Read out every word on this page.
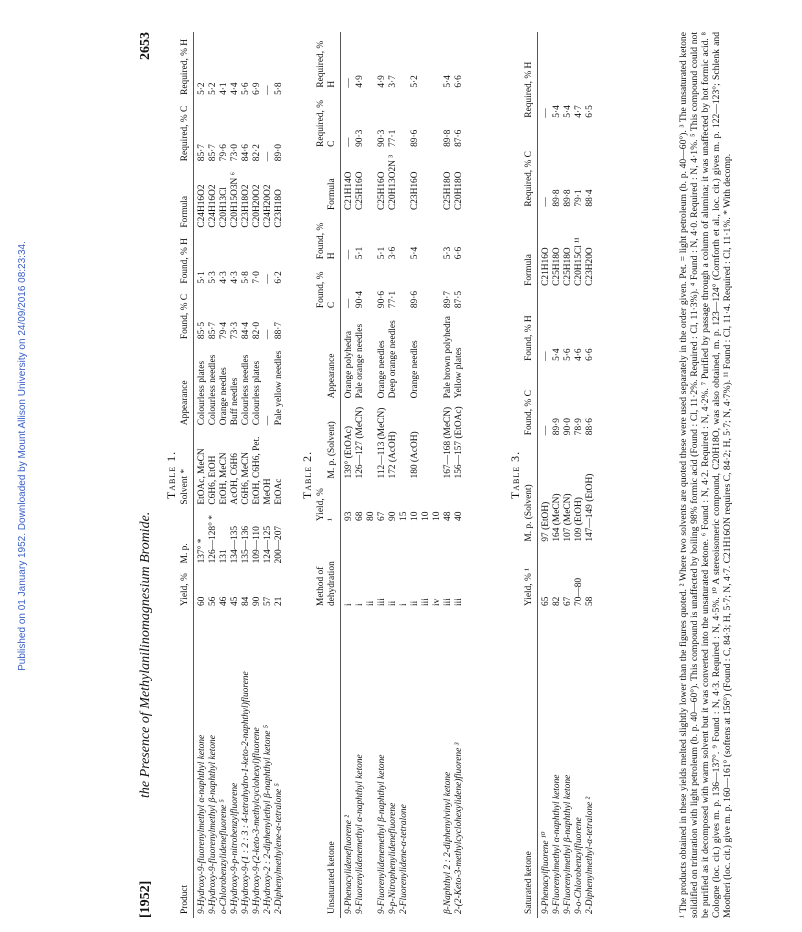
Published on 01 January 1952. Downloaded by Mount Allison University on 24/09/2016 08:23:34.
[1952]
the Presence of Methylanilinomagnesium Bromide.
2653
Table 1.
Product	Yield, %	M. p.	Solvent *	Appearance	Found, % C	Found, % H	Formula	Required, % C	Required, % H
9-Hydroxy-9-fluorenylmethyl α-naphthyl ketone	60	137° *	EtOAc, MeCN	Colourless plates	85·5	5·1	C24H16O2	85·7	5·2
9-Hydroxy-9-fluorenylmethyl β-naphthyl ketone	56	126—128° *	C6H6, EtOH	Colourless needles	85·7	5·3	C24H16O2	85·7	5·2
o-Chlorobenzylidenefluorene ⁵	46	131	EtOH, MeCN	Orange needles	79·4	4·3	C20H13Cl	79·6	4·1
9-Hydroxy-9-p-nitrobenzylfluorene	45	134—135	AcOH, C6H6	Buff needles	73·3	4·3	C20H15O3N ⁶	73·0	4·4
9-Hydroxy-9-(1 : 2 : 3 : 4-tetrahydro-1-keto-2-naphthyl)fluorene	84	135—136	C6H6, MeCN	Colourless needles	84·4	5·8	C23H18O2	84·6	5·6
9-Hydroxy-9-(2-keto-3-methylcyclohexyl)fluorene	90	109—110	EtOH, C6H6, Pet.	Colourless plates	82·0	7·0	C20H20O2	82·2	6·9
2-Hydroxy-2 : 2-diphenylethyl β-naphthyl ketone ⁵	57	124—125	MeOH	—	—	—	C24H20O2	—	—
2-Diphenylmethylene-α-tetralone ⁵	21	200—207	EtOAc	Pale yellow needles	88·7	6·2	C23H18O	89·0	5·8
Table 2.
Unsaturated ketone	Method of dehydration	Yield, % ¹	M. p. (Solvent)	Appearance	Found, % C	Found, % H	Formula	Required, % C	Required, % H
9-Phenacylidenefluorene ²	i	93	139° (EtOAc)	Orange polyhedra	—	—	C21H14O	—	—
9-Fluorenylidenemethyl α-naphthyl ketone	i	68	126—127 (MeCN)	Pale orange needles	90·4	5·1	C25H16O	90·3	4·9
	ii	80							
9-Fluorenylidenemethyl β-naphthyl ketone	iii	67	112—113 (MeCN)	Orange needles	90·6	5·1	C25H16O	90·3	4·9
9-p-Nitrophenylidenefluorene	ii	90	172 (AcOH)	Deep orange needles	77·1	3·6	C20H13O2N ³	77·1	3·7
2-Fluorenylidene-α-tetralone	i	15							
	ii	10	180 (AcOH)	Orange needles	89·6	5·4	C23H16O	89·6	5·2
	iii	10							
	iv	10							
β-Naphthyl 2 : 2-diphenylvinyl ketone	iii	48	167—168 (MeCN)	Pale brown polyhedra	89·7	5·3	C25H18O	89·8	5·4
2-(2-Keto-3-methylcyclohexylidene)fluorene ³	iii	40	156—157 (EtOAc)	Yellow plates	87·5	6·6	C20H18O	87·6	6·6
Table 3.
Saturated ketone	Yield, % ¹	M. p. (Solvent)	Found, % C	Found, % H	Formula	Required, % C	Required, % H
9-Phenacylfluorene ¹⁰	65	97 (EtOH)	—	—	C21H16O	—	—
9-Fluorenylmethyl α-naphthyl ketone	82	164 (MeCN)	89·9	5·4	C25H18O	89·8	5·4
9-Fluorenylmethyl β-naphthyl ketone	67	107 (MeCN)	90·0	5·6	C25H18O	89·8	5·4
9-o-Chlorobenzylfluorene	70—80	109 (EtOH)	78·9	4·6	C20H15Cl ¹¹	79·1	4·7
2-Diphenylmethyl-α-tetralone ²	58	147—149 (EtOH)	88·6	6·6	C23H20O	88·4	6·5	¹ The products obtained in these yields melted slightly lower than the figures quoted. ² Where two solvents are quoted these were used separately in the order given. Pet. = light petroleum (b. p. 40—60°). ³ The unsaturated ketone solidified on trituration with light petroleum (b. p. 40—60°). This compound is unaffected by boiling 98% formic acid (Found : Cl, 11·2%. Required : Cl, 11·3%). ⁴ Found : N, 4·0. Required : N, 4·1%. ⁵ This compound could not be purified as it decomposed with warm solvent but it was converted into the unsaturated ketone. ⁶ Found : N, 4·2. Required : N, 4·2%. ⁷ Purified by passage through a column of alumina; it was unaffected by hot formic acid. ⁸ Cologne (loc. cit.) gives m. p. 136—137°. ⁹ Found : N, 4·3. Required : N, 4·5%. ¹⁰ A stereoisomeric compound, C20H18O, was also obtained, m. p. 123—124° (Cornforth et al., loc. cit.) gives m. p. 122—123°; Schlenk and Mootheri (loc. cit.) give m. p. 160—161° (softens at 156°) (Found : C, 84·3; H, 5·7; N, 4·7. C21H16ON requires C, 84·2; H, 5·7; N, 4·7%). ¹¹ Found : Cl, 11·4. Required : Cl, 11·1%. * With decomp.
